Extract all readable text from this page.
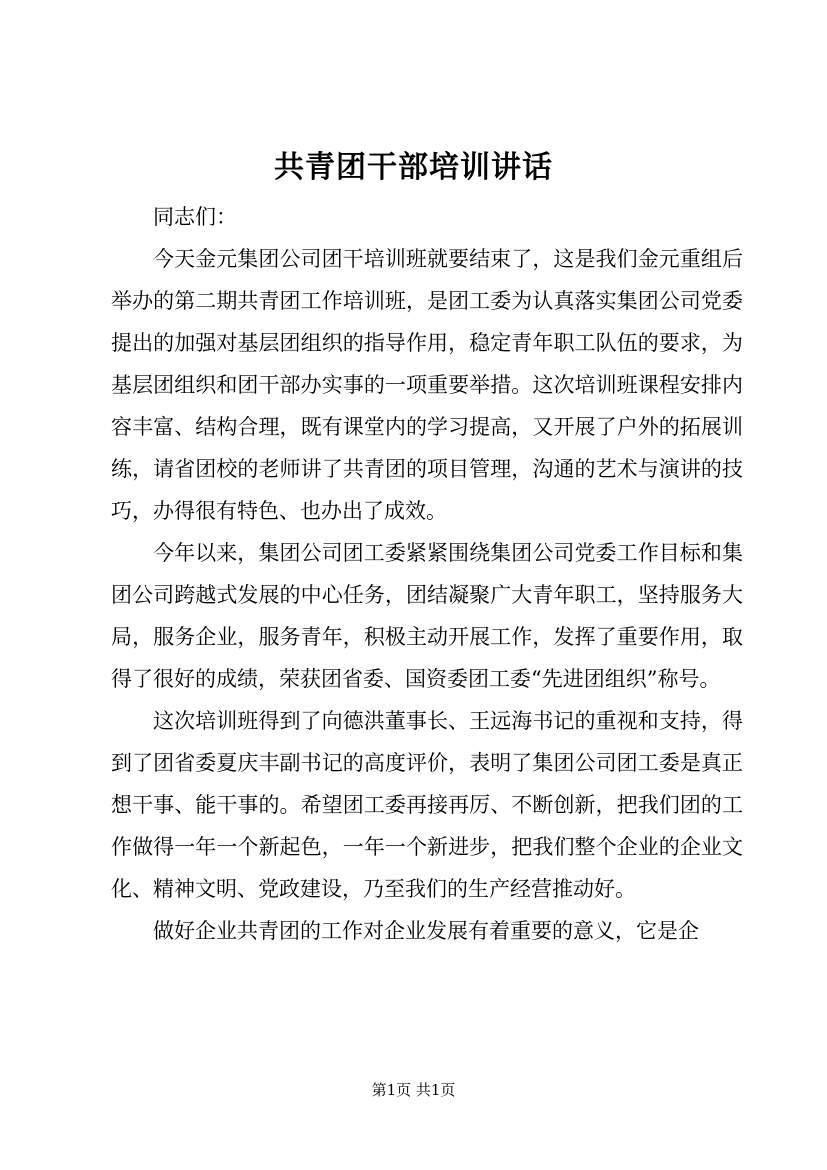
共青团干部培训讲话

同志们：

今天金元集团公司团干培训班就要结束了，这是我们金元重组后举办的第二期共青团工作培训班，是团工委为认真落实集团公司党委提出的加强对基层团组织的指导作用，稳定青年职工队伍的要求，为基层团组织和团干部办实事的一项重要举措。这次培训班课程安排内容丰富、结构合理，既有课堂内的学习提高，又开展了户外的拓展训练，请省团校的老师讲了共青团的项目管理，沟通的艺术与演讲的技巧，办得很有特色、也办出了成效。

今年以来，集团公司团工委紧紧围绕集团公司党委工作目标和集团公司跨越式发展的中心任务，团结凝聚广大青年职工，坚持服务大局，服务企业，服务青年，积极主动开展工作，发挥了重要作用，取得了很好的成绩，荣获团省委、国资委团工委“先进团组织”称号。

这次培训班得到了向德洪董事长、王远海书记的重视和支持，得到了团省委夏庆丰副书记的高度评价，表明了集团公司团工委是真正想干事、能干事的。希望团工委再接再厉、不断创新，把我们团的工作做得一年一个新起色，一年一个新进步，把我们整个企业的企业文化、精神文明、党政建设，乃至我们的生产经营推动好。

做好企业共青团的工作对企业发展有着重要的意义，它是企

第1页 共1页
